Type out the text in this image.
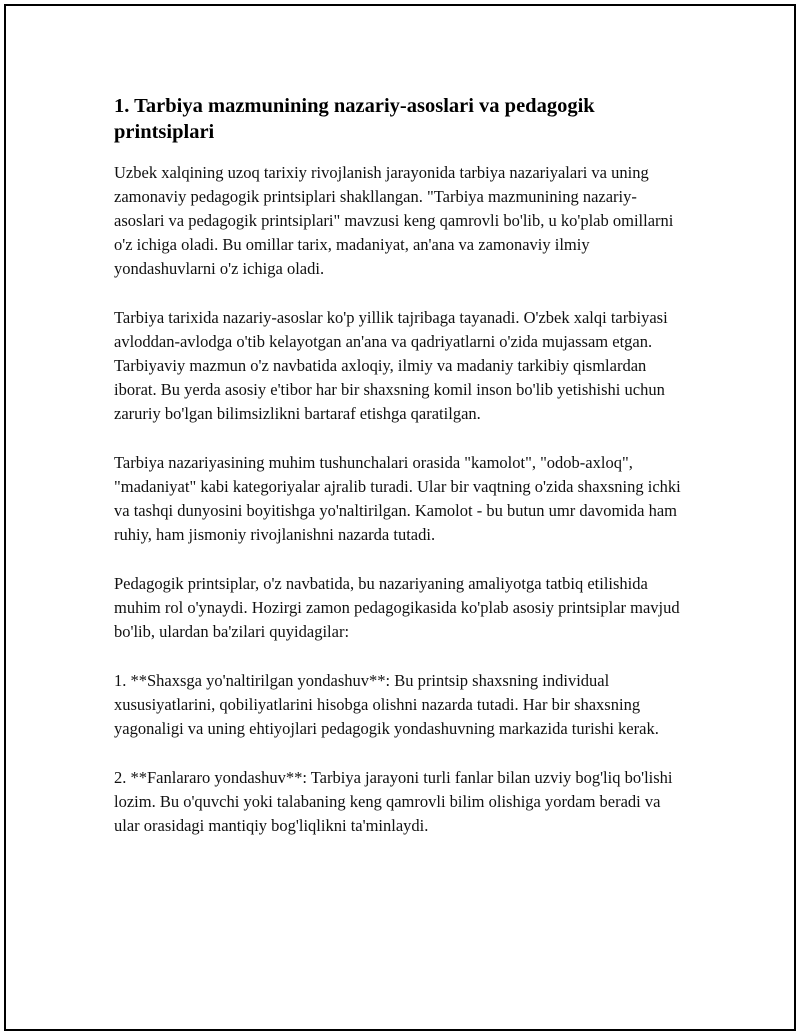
1. Tarbiya mazmunining nazariy-asoslari va pedagogik printsiplari

Uzbek xalqining uzoq tarixiy rivojlanish jarayonida tarbiya nazariyalari va uning zamonaviy pedagogik printsiplari shakllangan. "Tarbiya mazmunining nazariy-asoslari va pedagogik printsiplari" mavzusi keng qamrovli bo'lib, u ko'plab omillarni o'z ichiga oladi. Bu omillar tarix, madaniyat, an'ana va zamonaviy ilmiy yondashuvlarni o'z ichiga oladi.

Tarbiya tarixida nazariy-asoslar ko'p yillik tajribaga tayanadi. O'zbek xalqi tarbiyasi avloddan-avlodga o'tib kelayotgan an'ana va qadriyatlarni o'zida mujassam etgan. Tarbiyaviy mazmun o'z navbatida axloqiy, ilmiy va madaniy tarkibiy qismlardan iborat. Bu yerda asosiy e'tibor har bir shaxsning komil inson bo'lib yetishishi uchun zaruriy bo'lgan bilimsizlikni bartaraf etishga qaratilgan.

Tarbiya nazariyasining muhim tushunchalari orasida "kamolot", "odob-axloq", "madaniyat" kabi kategoriyalar ajralib turadi. Ular bir vaqtning o'zida shaxsning ichki va tashqi dunyosini boyitishga yo'naltirilgan. Kamolot - bu butun umr davomida ham ruhiy, ham jismoniy rivojlanishni nazarda tutadi.

Pedagogik printsiplar, o'z navbatida, bu nazariyaning amaliyotga tatbiq etilishida muhim rol o'ynaydi. Hozirgi zamon pedagogikasida ko'plab asosiy printsiplar mavjud bo'lib, ulardan ba'zilari quyidagilar:

1. **Shaxsga yo'naltirilgan yondashuv**: Bu printsip shaxsning individual xususiyatlarini, qobiliyatlarini hisobga olishni nazarda tutadi. Har bir shaxsning yagonaligi va uning ehtiyojlari pedagogik yondashuvning markazida turishi kerak.

2. **Fanlararo yondashuv**: Tarbiya jarayoni turli fanlar bilan uzviy bog'liq bo'lishi lozim. Bu o'quvchi yoki talabaning keng qamrovli bilim olishiga yordam beradi va ular orasidagi mantiqiy bog'liqlikni ta'minlaydi.
